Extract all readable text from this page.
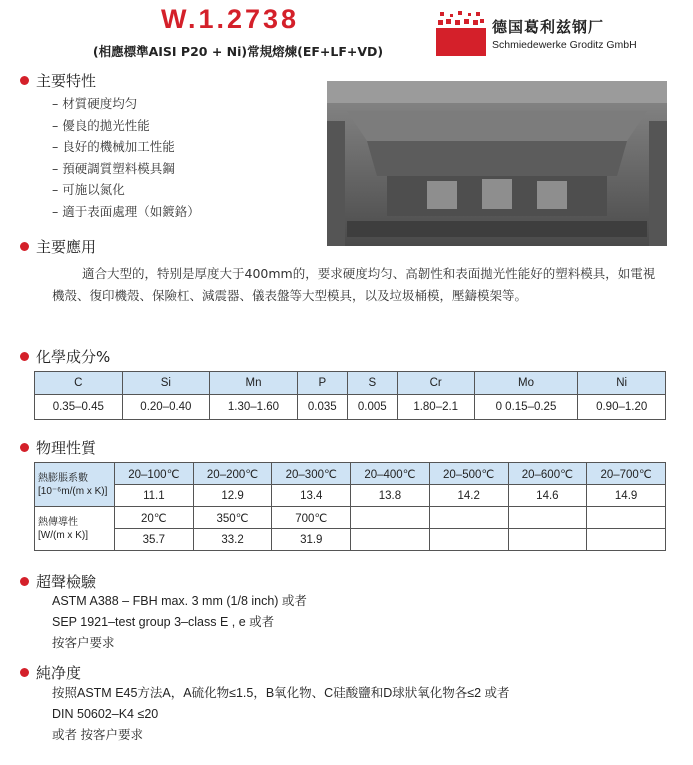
W.1.2738
(相應標準AISI P20 + Ni)常規熔煉(EF+LF+VD)
德国葛利兹钢厂
Schmiedewerke Groditz GmbH
主要特性
– 材質硬度均匀
– 優良的拋光性能
– 良好的機械加工性能
– 預硬調質塑料模具鋼
– 可施以氮化
– 適于表面處理（如鍍鉻）
主要應用
適合大型的，特别是厚度大于400mm的，要求硬度均匀、高韌性和表面拋光性能好的塑料模具，如電視機殼、復印機殼、保險杠、減震器、儀表盤等大型模具，以及垃圾桶模，壓鑄模架等。
化學成分%
C	Si	Mn	P	S	Cr	Mo	Ni
0.35–0.45	0.20–0.40	1.30–1.60	0.035	0.005	1.80–2.1	0 0.15–0.25	0.90–1.20
物理性質
熱膨脹系數
[10⁻⁶m/(m x K)]	20–100℃	20–200℃	20–300℃	20–400℃	20–500℃	20–600℃	20–700℃
	11.1	12.9	13.4	13.8	14.2	14.6	14.9

熱傳導性
[W/(m x K)]	20℃	350℃	700℃				
	35.7	33.2	31.9				
超聲檢驗
ASTM A388 – FBH max. 3 mm (1/8 inch) 或者
SEP 1921–test group 3–class E , e 或者
按客户要求
純净度
按照ASTM E45方法A，A硫化物≤1.5，B氧化物、C硅酸鹽和D球狀氧化物各≤2 或者
DIN 50602–K4 ≤20
或者 按客户要求
